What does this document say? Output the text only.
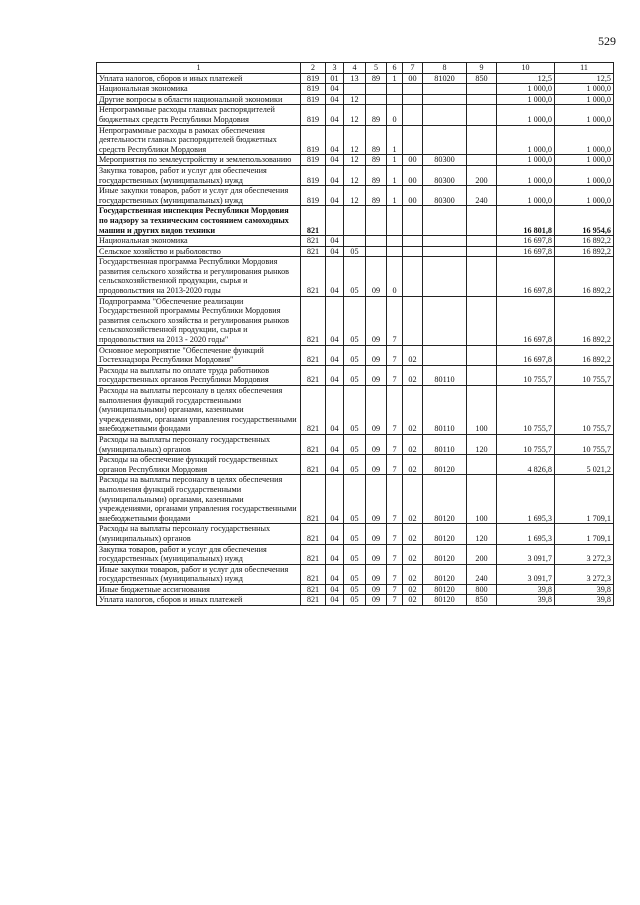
529
1	2	3	4	5	6	7	8	9	10	11
Уплата налогов, сборов и иных платежей	819	01	13	89	1	00	81020	850	12,5	12,5
Национальная экономика	819	04							1 000,0	1 000,0
Другие вопросы в области национальной экономики	819	04	12						1 000,0	1 000,0
Непрограммные расходы главных распорядителей бюджетных средств Республики Мордовия	819	04	12	89	0				1 000,0	1 000,0
Непрограммные расходы в рамках обеспечения деятельности главных распорядителей бюджетных средств Республики Мордовия	819	04	12	89	1				1 000,0	1 000,0
Мероприятия по землеустройству и землепользованию	819	04	12	89	1	00	80300		1 000,0	1 000,0
Закупка товаров, работ и услуг для обеспечения государственных (муниципальных) нужд	819	04	12	89	1	00	80300	200	1 000,0	1 000,0
Иные закупки товаров, работ и услуг для обеспечения государственных (муниципальных) нужд	819	04	12	89	1	00	80300	240	1 000,0	1 000,0
Государственная инспекция Республики Мордовия по надзору за техническим состоянием самоходных машин и других видов техники	821								16 801,8	16 954,6
Национальная экономика	821	04							16 697,8	16 892,2
Сельское хозяйство и рыболовство	821	04	05						16 697,8	16 892,2
Государственная программа Республики Мордовия развития сельского хозяйства и регулирования рынков сельскохозяйственной продукции, сырья и продовольствия на 2013-2020 годы	821	04	05	09	0				16 697,8	16 892,2
Подпрограмма "Обеспечение реализации Государственной программы Республики Мордовия развития сельского хозяйства и регулирования рынков сельскохозяйственной продукции, сырья и продовольствия на 2013 - 2020 годы"	821	04	05	09	7				16 697,8	16 892,2
Основное мероприятие "Обеспечение функций Гостехнадзора Республики Мордовия"	821	04	05	09	7	02			16 697,8	16 892,2
Расходы на выплаты по оплате труда работников государственных органов Республики Мордовия	821	04	05	09	7	02	80110		10 755,7	10 755,7
Расходы на выплаты персоналу в целях обеспечения выполнения функций государственными (муниципальными) органами, казенными учреждениями, органами управления государственными внебюджетными фондами	821	04	05	09	7	02	80110	100	10 755,7	10 755,7
Расходы на выплаты персоналу государственных (муниципальных) органов	821	04	05	09	7	02	80110	120	10 755,7	10 755,7
Расходы на обеспечение функций государственных органов Республики Мордовия	821	04	05	09	7	02	80120		4 826,8	5 021,2
Расходы на выплаты персоналу в целях обеспечения выполнения функций государственными (муниципальными) органами, казенными учреждениями, органами управления государственными внебюджетными фондами	821	04	05	09	7	02	80120	100	1 695,3	1 709,1
Расходы на выплаты персоналу государственных (муниципальных) органов	821	04	05	09	7	02	80120	120	1 695,3	1 709,1
Закупка товаров, работ и услуг для обеспечения государственных (муниципальных) нужд	821	04	05	09	7	02	80120	200	3 091,7	3 272,3
Иные закупки товаров, работ и услуг для обеспечения государственных (муниципальных) нужд	821	04	05	09	7	02	80120	240	3 091,7	3 272,3
Иные бюджетные ассигнования	821	04	05	09	7	02	80120	800	39,8	39,8
Уплата налогов, сборов и иных платежей	821	04	05	09	7	02	80120	850	39,8	39,8
